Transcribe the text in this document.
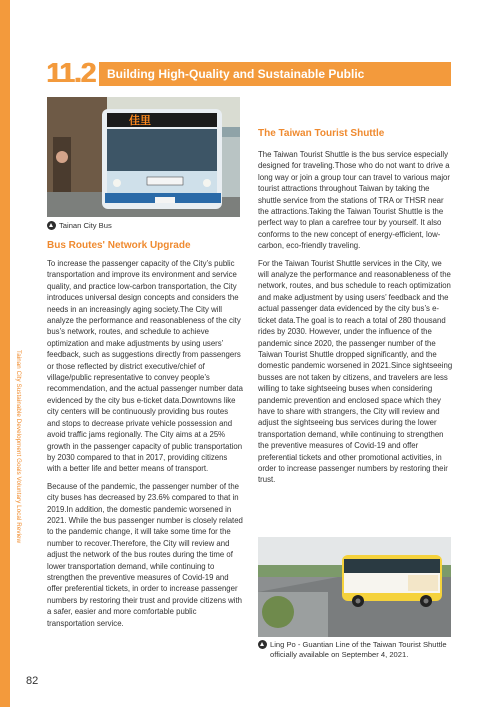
Tainan City Sustainable Development Goals Voluntary Local Review
11.2	Building High-Quality and Sustainable Public
佳里
Tainan City Bus
Bus Routes' Network Upgrade

To increase the passenger capacity of the City’s public transportation and improve its environment and service quality, and practice low-carbon transportation, the City introduces universal design concepts and considers the needs in an increasingly aging society.The City will analyze the performance and reasonableness of the city bus’s network, routes, and schedule to achieve optimization and make adjustments by using users’ feedback, such as suggestions directly from passengers or those reflected by district executive/chief of village/public representative to convey people’s recommendation, and the actual passenger number data evidenced by the city bus e-ticket data.Downtowns like city centers will be continuously providing bus routes and stops to decrease private vehicle possession and avoid traffic jams regionally. The City aims at a 25% growth in the passenger capacity of public transportation by 2030 compared to that in 2017, providing citizens with a better life and better means of transport.

Because of the pandemic, the passenger number of the city buses has decreased by 23.6% compared to that in 2019.In addition, the domestic pandemic worsened in 2021. While the bus passenger number is closely related to the pandemic change, it will take some time for the number to recover.Therefore, the City will review and adjust the network of the bus routes during the time of lower transportation demand, while continuing to strengthen the preventive measures of Covid-19 and offer preferential tickets, in order to increase passenger numbers by restoring their trust and provide citizens with a safer, easier and more comfortable public transportation service.

The Taiwan Tourist Shuttle

The Taiwan Tourist Shuttle is the bus service especially designed for traveling.Those who do not want to drive a long way or join a group tour can travel to various major tourist attractions throughout Taiwan by taking the shuttle service from the stations of TRA or THSR near the attractions.Taking the Taiwan Tourist Shuttle is the perfect way to plan a carefree tour by yourself. It also conforms to the new concept of energy-efficient, low-carbon, eco-friendly traveling.

For the Taiwan Tourist Shuttle services in the City, we will analyze the performance and reasonableness of the network, routes, and bus schedule to reach optimization and make adjustment by using users’ feedback and the actual passenger data evidenced by the city bus’s e-ticket data.The goal is to reach a total of 280 thousand rides by 2030. However, under the influence of the pandemic since 2020, the passenger number of the Taiwan Tourist Shuttle dropped significantly, and the domestic pandemic worsened in 2021.Since sightseeing busses are not taken by citizens, and travelers are less willing to take sightseeing buses when considering pandemic prevention and enclosed space which they have to share with strangers, the City will review and adjust the sightseeing bus services during the lower transportation demand, while continuing to strengthen the preventive measures of Covid-19 and offer preferential tickets and other promotional activities, in order to increase passenger numbers by restoring their trust.

Ling Po - Guantian Line of the Taiwan Tourist Shuttle officially available on September 4, 2021.
82
